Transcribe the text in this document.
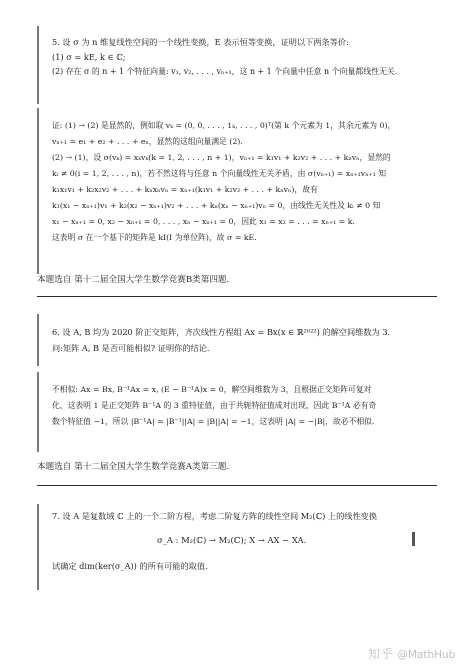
5. 设 σ 为 n 维复线性空间的一个线性变换，E 表示恒等变换，证明以下两条等价:
(1) σ = kE, k ∈ ℂ;
(2) 存在 σ 的 n + 1 个特征向量: v₁, v₂, . . . , vₙ₊₁，这 n + 1 个向量中任意 n 个向量都线性无关.
证: (1) → (2) 是显然的，例如取 vₖ = (0, 0, . . . , 1ₖ, . . . , 0)ᵀ(第 k 个元素为 1，其余元素为 0)，
vₙ₊₁ = e₁ + e₂ + . . . + eₙ，显然的这组向量满足 (2).
(2) → (1)，设 σ(vₖ) = xₖvₖ(k = 1, 2, . . . , n + 1)，vₙ₊₁ = k₁v₁ + k₂v₂ + . . . + kₙvₙ，显然的
kᵢ ≠ 0(i = 1, 2, . . . , n)，若不然这将与任意 n 个向量线性无关矛盾，由 σ(vₙ₊₁) = xₙ₊₁vₙ₊₁ 知
k₁x₁v₁ + k₂x₂v₂ + . . . + kₙxₙvₙ = xₙ₊₁(k₁v₁ + k₂v₂ + . . . + kₙvₙ)，故有
k₁(x₁ − xₙ₊₁)v₁ + k₂(x₂ − xₙ₊₁)v₂ + . . . + kₙ(xₙ − xₙ₊₁)vₙ = 0，由线性无关性及 kᵢ ≠ 0 知
x₁ − xₙ₊₁ = 0, x₂ − xₙ₊₁ = 0, . . . , xₙ − xₙ₊₁ = 0，因此 x₁ = x₂ = . . . = xₙ₊₁ = k.
这表明 σ 在一个基下的矩阵是 kI(I 为单位阵)，故 σ = kE.
本题选自 第十二届全国大学生数学竞赛B类第四题.
6. 设 A, B 均为 2020 阶正交矩阵，齐次线性方程组 Ax = Bx(x ∈ ℝ²⁰²²) 的解空间维数为 3.
问:矩阵 A, B 是否可能相似? 证明你的结论.
不相似: Ax = Bx, B⁻¹Ax = x, (E − B⁻¹A)x = 0，解空间维数为 3，且根据正交矩阵可复对
化，这表明 1 是正交矩阵 B⁻¹A 的 3 重特征值，由于共轭特征值成对出现，因此 B⁻¹A 必有奇
数个特征值 −1，所以 |B⁻¹A| = |B⁻¹||A| = |B||A| = −1，这表明 |A| = −|B|，故必不相似.
本题选自 第十二届全国大学生数学竞赛A类第三题.
7. 设 A 是复数域 ℂ 上的一个二阶方程，考虑二阶复方阵的线性空间 M₂(ℂ) 上的线性变换
试确定 dim(ker(σ_A)) 的所有可能的取值.
σ_A : M₂(ℂ) → M₂(ℂ); X → AX − XA.
知乎 @MathHub
